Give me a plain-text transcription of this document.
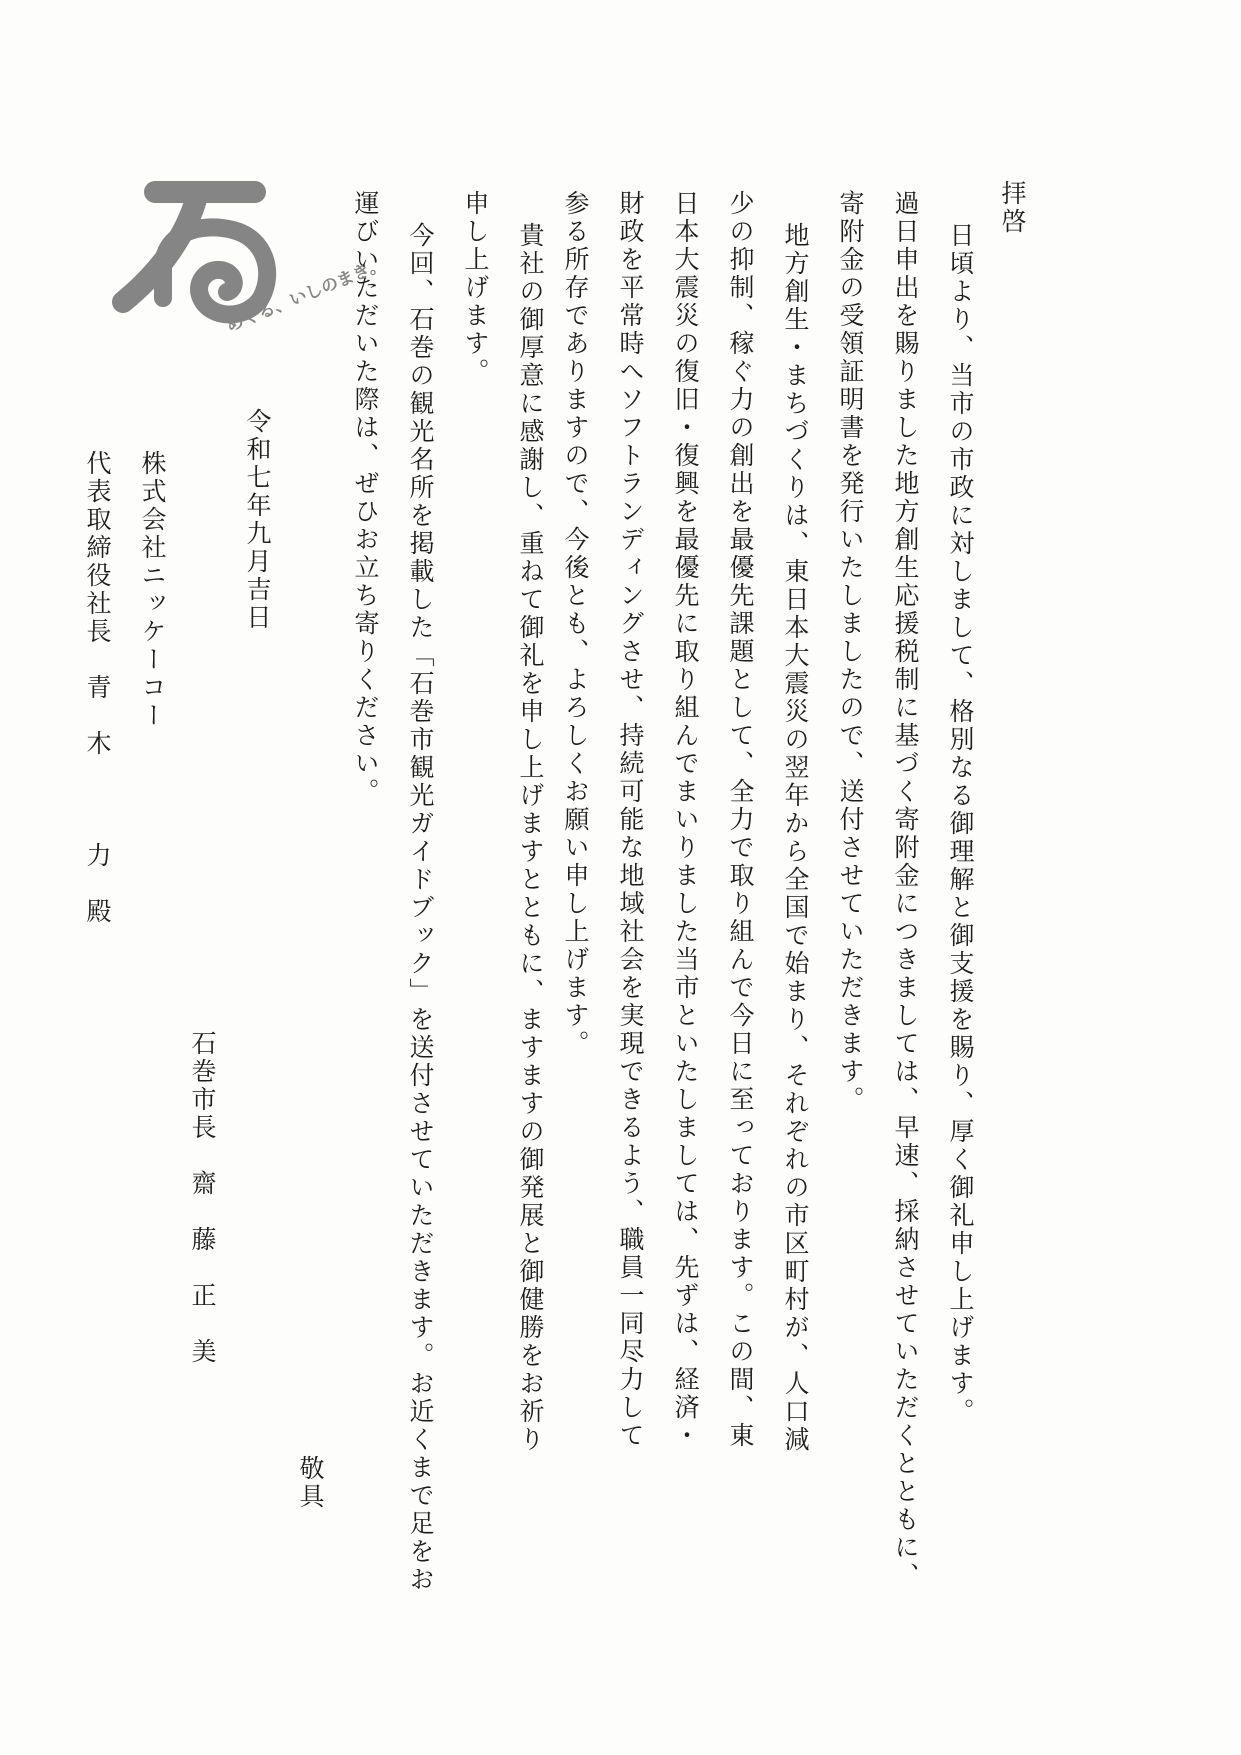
拝啓
日頃より、当市の市政に対しまして、格別なる御理解と御支援を賜り、厚く御礼申し上げます。
過日申出を賜りました地方創生応援税制に基づく寄附金につきましては、早速、採納させていただくとともに、
寄附金の受領証明書を発行いたしましたので、送付させていただきます。
地方創生・まちづくりは、東日本大震災の翌年から全国で始まり、それぞれの市区町村が、人口減
少の抑制、稼ぐ力の創出を最優先課題として、全力で取り組んで今日に至っております。この間、東
日本大震災の復旧・復興を最優先に取り組んでまいりました当市といたしましては、先ずは、経済・
財政を平常時へソフトランディングさせ、持続可能な地域社会を実現できるよう、職員一同尽力して
参る所存でありますので、今後とも、よろしくお願い申し上げます。
貴社の御厚意に感謝し、重ねて御礼を申し上げますとともに、ますますの御発展と御健勝をお祈り
申し上げます。
今回、石巻の観光名所を掲載した「石巻市観光ガイドブック」を送付させていただきます。お近くまで足をお
運びいただいた際は、ぜひお立ち寄りください。
敬具
石巻市長　齋　藤　正　美
令和七年九月吉日
株式会社ニッケーコー
代表取締役社長　青　木　　　力　殿
めぐる、いしのまき。
